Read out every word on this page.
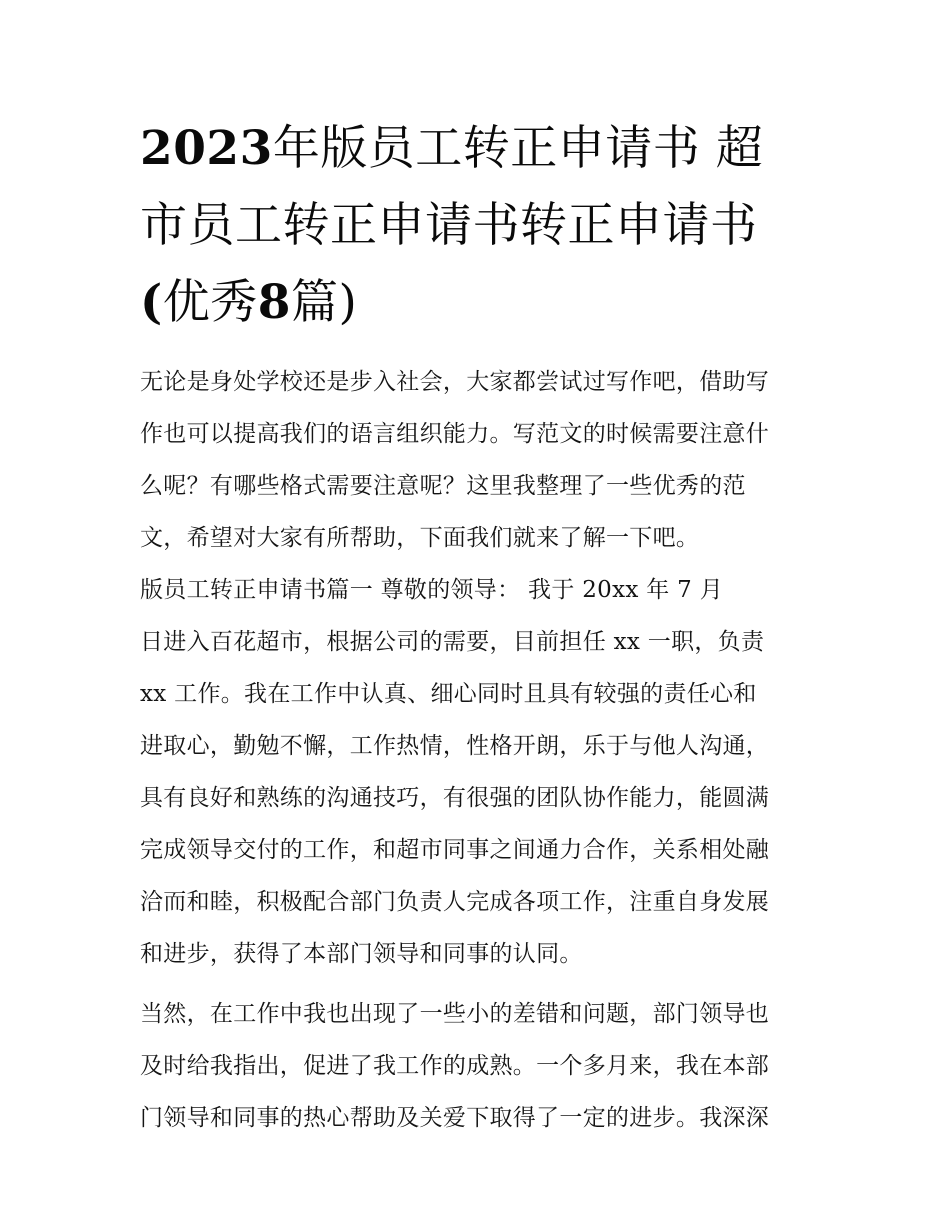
2023年版员工转正申请书 超
市员工转正申请书转正申请书
(优秀8篇)

无论是身处学校还是步入社会，大家都尝试过写作吧，借助写

作也可以提高我们的语言组织能力。写范文的时候需要注意什

么呢？有哪些格式需要注意呢？这里我整理了一些优秀的范

文，希望对大家有所帮助，下面我们就来了解一下吧。

版员工转正申请书篇一 尊敬的领导： 我于 20xx 年 7 月

日进入百花超市，根据公司的需要，目前担任 xx 一职，负责

xx 工作。我在工作中认真、细心同时且具有较强的责任心和

进取心，勤勉不懈，工作热情，性格开朗，乐于与他人沟通，

具有良好和熟练的沟通技巧，有很强的团队协作能力，能圆满

完成领导交付的工作，和超市同事之间通力合作，关系相处融

洽而和睦，积极配合部门负责人完成各项工作，注重自身发展

和进步，获得了本部门领导和同事的认同。

当然，在工作中我也出现了一些小的差错和问题，部门领导也

及时给我指出，促进了我工作的成熟。一个多月来，我在本部

门领导和同事的热心帮助及关爱下取得了一定的进步。我深深
